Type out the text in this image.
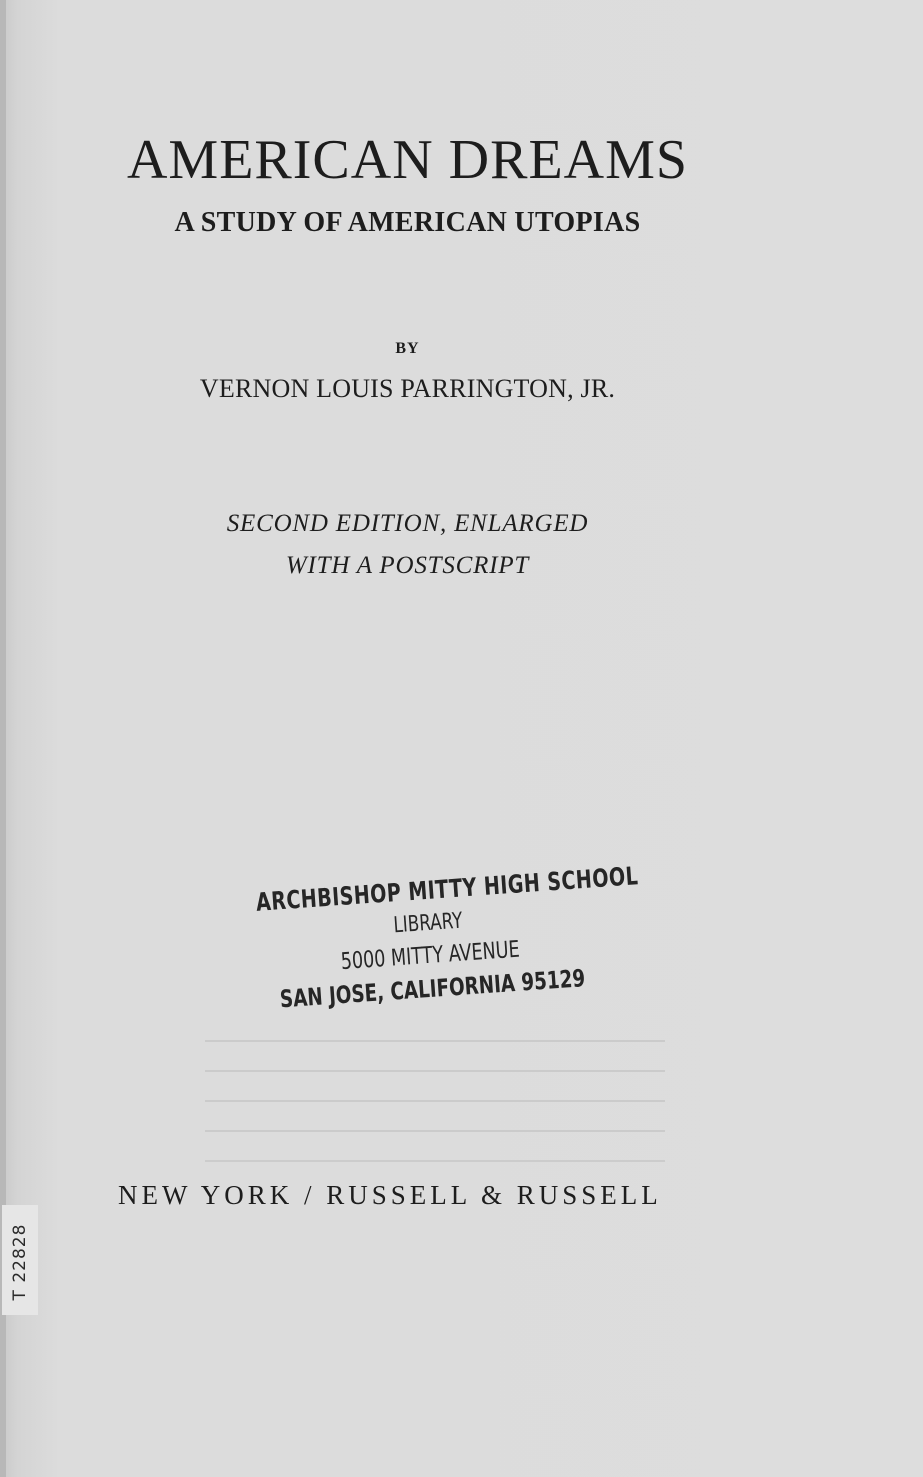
AMERICAN DREAMS
A STUDY OF AMERICAN UTOPIAS
BY
VERNON LOUIS PARRINGTON, JR.
SECOND EDITION, ENLARGED
WITH A POSTSCRIPT
ARCHBISHOP MITTY HIGH SCHOOL
LIBRARY
5000 MITTY AVENUE
SAN JOSE, CALIFORNIA 95129
NEW YORK / RUSSELL & RUSSELL
T 22828
